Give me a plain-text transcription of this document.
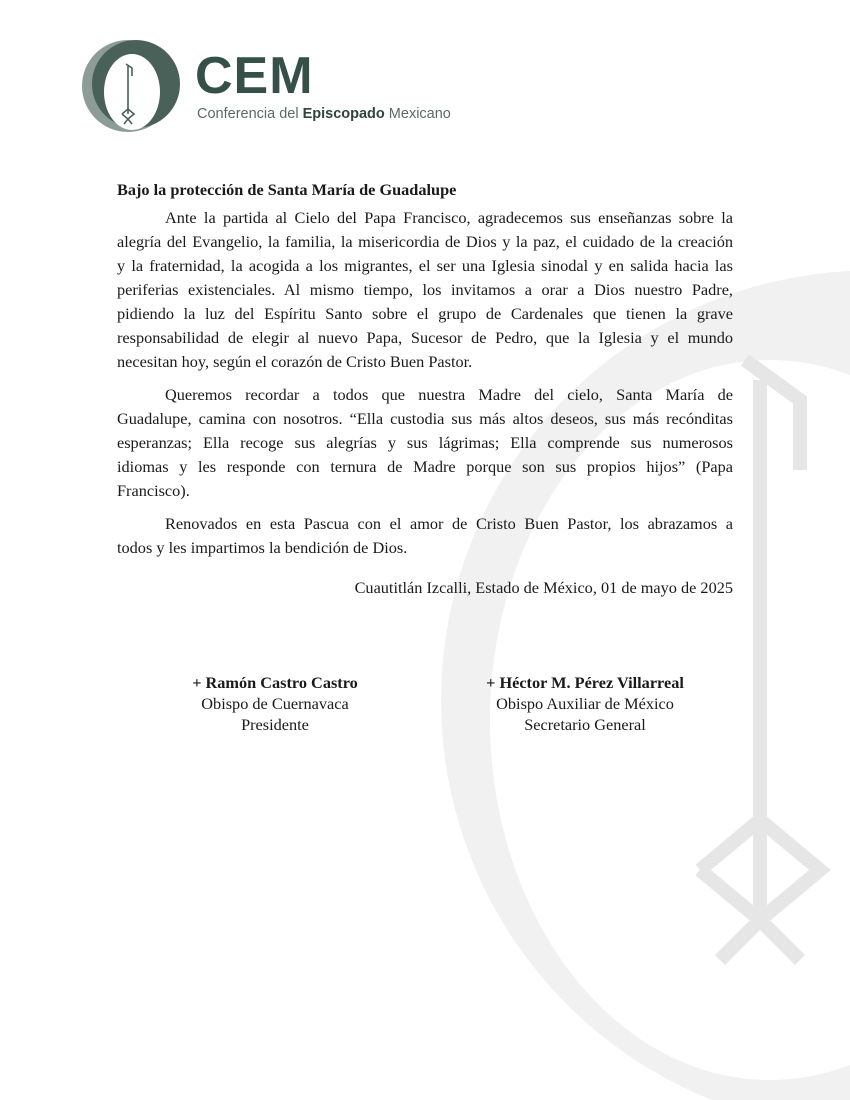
CEM
Conferencia del Episcopado Mexicano
Bajo la protección de Santa María de Guadalupe
Ante la partida al Cielo del Papa Francisco, agradecemos sus enseñanzas sobre la
alegría del Evangelio, la familia, la misericordia de Dios y la paz, el cuidado de la creación
y la fraternidad, la acogida a los migrantes, el ser una Iglesia sinodal y en salida hacia las
periferias existenciales. Al mismo tiempo, los invitamos a orar a Dios nuestro Padre,
pidiendo la luz del Espíritu Santo sobre el grupo de Cardenales que tienen la grave
responsabilidad de elegir al nuevo Papa, Sucesor de Pedro, que la Iglesia y el mundo
necesitan hoy, según el corazón de Cristo Buen Pastor.
Queremos recordar a todos que nuestra Madre del cielo, Santa María de
Guadalupe, camina con nosotros. “Ella custodia sus más altos deseos, sus más recónditas
esperanzas; Ella recoge sus alegrías y sus lágrimas; Ella comprende sus numerosos
idiomas y les responde con ternura de Madre porque son sus propios hijos” (Papa
Francisco).
Renovados en esta Pascua con el amor de Cristo Buen Pastor, los abrazamos a
todos y les impartimos la bendición de Dios.
Cuautitlán Izcalli, Estado de México, 01 de mayo de 2025
+ Ramón Castro Castro
Obispo de Cuernavaca
Presidente
+ Héctor M. Pérez Villarreal
Obispo Auxiliar de México
Secretario General
